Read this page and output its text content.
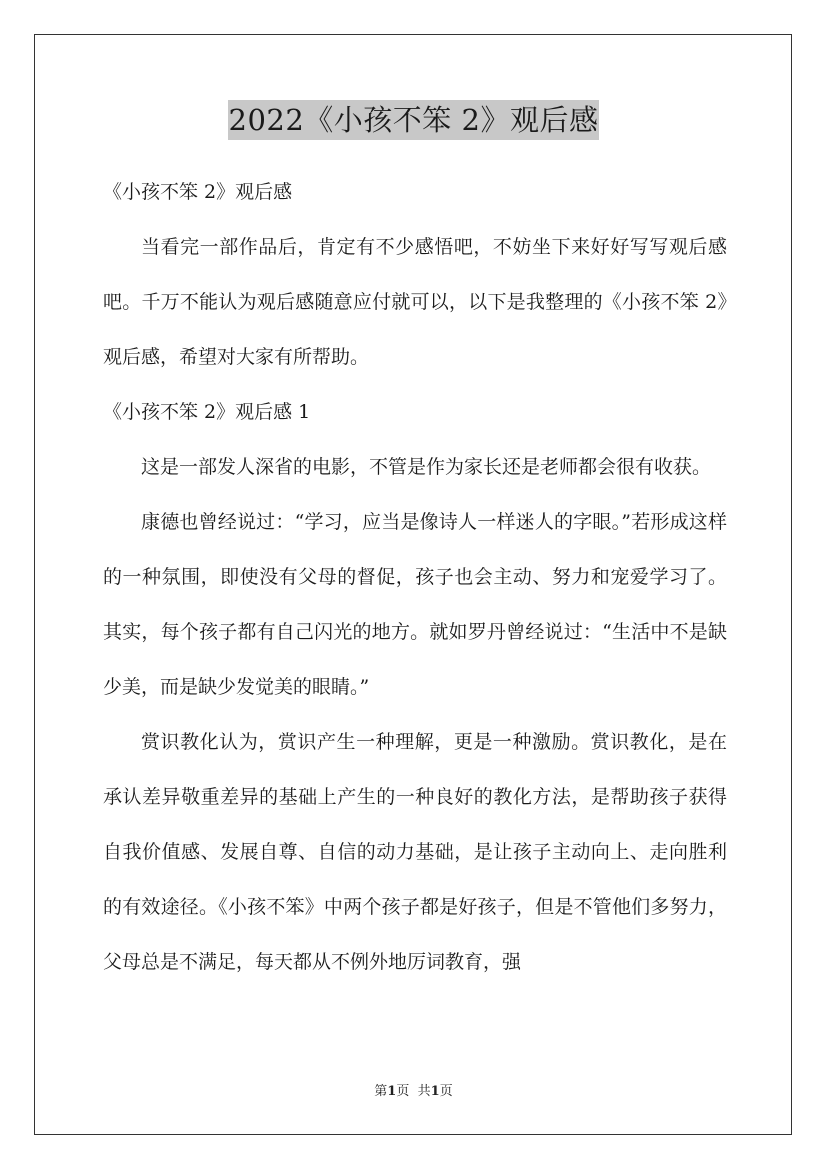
2022《小孩不笨 2》观后感

《小孩不笨 2》观后感

当看完一部作品后，肯定有不少感悟吧，不妨坐下来好好写写观后感吧。千万不能认为观后感随意应付就可以，以下是我整理的《小孩不笨 2》观后感，希望对大家有所帮助。

《小孩不笨 2》观后感 1

这是一部发人深省的电影，不管是作为家长还是老师都会很有收获。

康德也曾经说过：“学习，应当是像诗人一样迷人的字眼。”若形成这样的一种氛围，即使没有父母的督促，孩子也会主动、努力和宠爱学习了。其实，每个孩子都有自己闪光的地方。就如罗丹曾经说过：“生活中不是缺少美，而是缺少发觉美的眼睛。”

赏识教化认为，赏识产生一种理解，更是一种激励。赏识教化，是在承认差异敬重差异的基础上产生的一种良好的教化方法，是帮助孩子获得自我价值感、发展自尊、自信的动力基础，是让孩子主动向上、走向胜利的有效途径。《小孩不笨》中两个孩子都是好孩子，但是不管他们多努力，父母总是不满足，每天都从不例外地厉词教育，强

第1页 共1页
